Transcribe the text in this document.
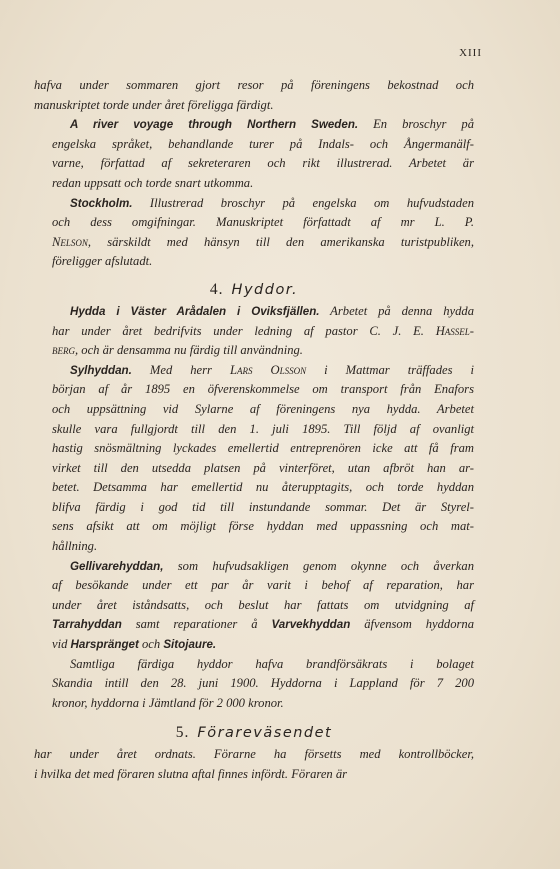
XIII
hafva under sommaren gjort resor på föreningens bekostnad och
manuskriptet torde under året föreligga färdigt.
A river voyage through Northern Sweden. En broschyr på
engelska språket, behandlande turer på Indals- och Ångermanälf-
varne, författad af sekreteraren och rikt illustrerad. Arbetet är
redan uppsatt och torde snart utkomma.
Stockholm. Illustrerad broschyr på engelska om hufvudstaden
och dess omgifningar. Manuskriptet författadt af mr L. P.
Nelson, särskildt med hänsyn till den amerikanska turistpubliken,
föreligger afslutadt.
4. Hyddor.
Hydda i Väster Arådalen i Oviksfjällen. Arbetet på denna hydda
har under året bedrifvits under ledning af pastor C. J. E. Hassel-
berg, och är densamma nu färdig till användning.
Sylhyddan. Med herr Lars Olsson i Mattmar träffades i
början af år 1895 en öfverenskommelse om transport från Enafors
och uppsättning vid Sylarne af föreningens nya hydda. Arbetet
skulle vara fullgjordt till den 1. juli 1895. Till följd af ovanligt
hastig snösmältning lyckades emellertid entreprenören icke att få fram
virket till den utsedda platsen på vinterföret, utan afbröt han ar-
betet. Detsamma har emellertid nu återupptagits, och torde hyddan
blifva färdig i god tid till instundande sommar. Det är Styrel-
sens afsikt att om möjligt förse hyddan med uppassning och mat-
hållning.
Gellivarehyddan, som hufvudsakligen genom okynne och åverkan
af besökande under ett par år varit i behof af reparation, har
under året iståndsatts, och beslut har fattats om utvidgning af
Tarrahyddan samt reparationer å Varvekhyddan äfvensom hyddorna
vid Harspränget och Sitojaure.
Samtliga färdiga hyddor hafva brandförsäkrats i bolaget
Skandia intill den 28. juni 1900. Hyddorna i Lappland för 7 200
kronor, hyddorna i Jämtland för 2 000 kronor.
5. Förareväsendet
har under året ordnats. Förarne ha försetts med kontrollböcker,
i hvilka det med föraren slutna aftal finnes infördt. Föraren är
